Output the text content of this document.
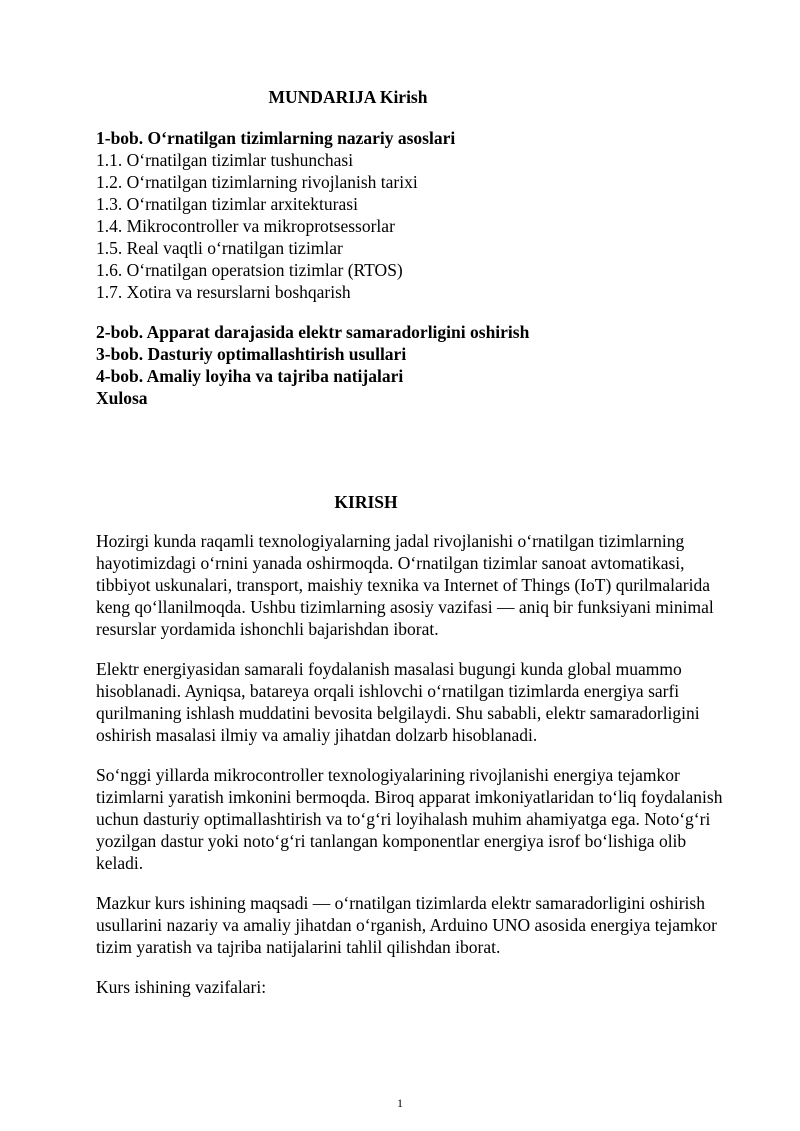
MUNDARIJA Kirish

1-bob. O‘rnatilgan tizimlarning nazariy asoslari

1.1. O‘rnatilgan tizimlar tushunchasi

1.2. O‘rnatilgan tizimlarning rivojlanish tarixi

1.3. O‘rnatilgan tizimlar arxitekturasi

1.4. Mikrocontroller va mikroprotsessorlar

1.5. Real vaqtli o‘rnatilgan tizimlar

1.6. O‘rnatilgan operatsion tizimlar (RTOS)

1.7. Xotira va resurslarni boshqarish

2-bob. Apparat darajasida elektr samaradorligini oshirish

3-bob. Dasturiy optimallashtirish usullari

4-bob. Amaliy loyiha va tajriba natijalari

Xulosa

KIRISH

Hozirgi kunda raqamli texnologiyalarning jadal rivojlanishi o‘rnatilgan tizimlarning hayotimizdagi o‘rnini yanada oshirmoqda. O‘rnatilgan tizimlar sanoat avtomatikasi, tibbiyot uskunalari, transport, maishiy texnika va Internet of Things (IoT) qurilmalarida keng qo‘llanilmoqda. Ushbu tizimlarning asosiy vazifasi — aniq bir funksiyani minimal resurslar yordamida ishonchli bajarishdan iborat.

Elektr energiyasidan samarali foydalanish masalasi bugungi kunda global muammo hisoblanadi. Ayniqsa, batareya orqali ishlovchi o‘rnatilgan tizimlarda energiya sarfi qurilmaning ishlash muddatini bevosita belgilaydi. Shu sababli, elektr samaradorligini oshirish masalasi ilmiy va amaliy jihatdan dolzarb hisoblanadi.

So‘nggi yillarda mikrocontroller texnologiyalarining rivojlanishi energiya tejamkor tizimlarni yaratish imkonini bermoqda. Biroq apparat imkoniyatlaridan to‘liq foydalanish uchun dasturiy optimallashtirish va to‘g‘ri loyihalash muhim ahamiyatga ega. Noto‘g‘ri yozilgan dastur yoki noto‘g‘ri tanlangan komponentlar energiya isrof bo‘lishiga olib keladi.

Mazkur kurs ishining maqsadi — o‘rnatilgan tizimlarda elektr samaradorligini oshirish usullarini nazariy va amaliy jihatdan o‘rganish, Arduino UNO asosida energiya tejamkor tizim yaratish va tajriba natijalarini tahlil qilishdan iborat.

Kurs ishining vazifalari:

1
